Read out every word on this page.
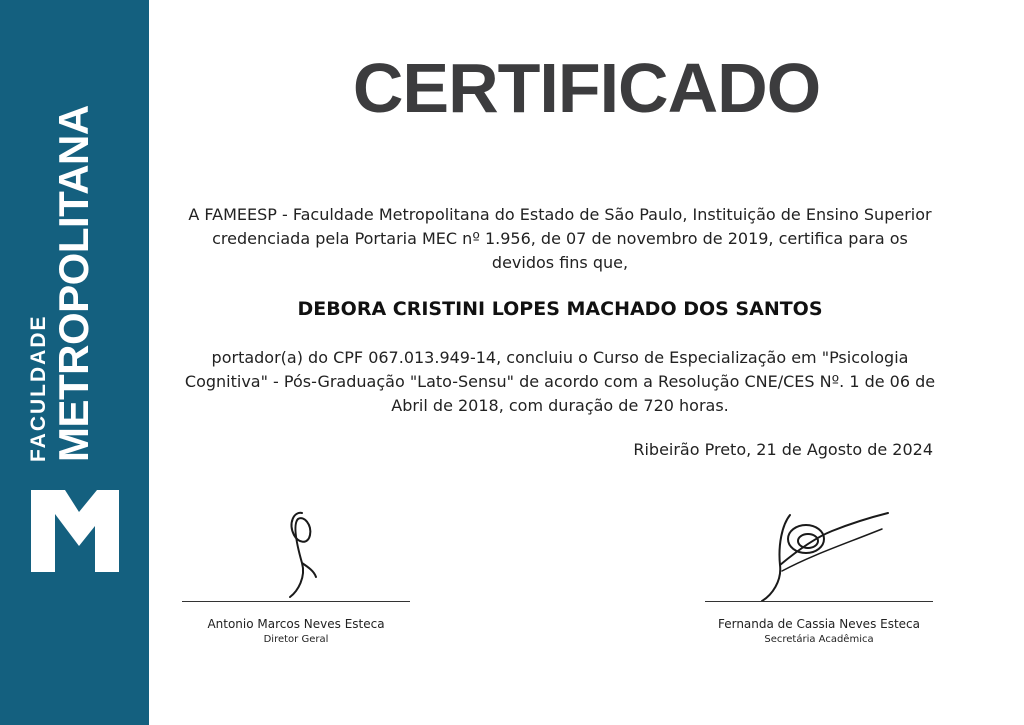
FACULDADE METROPOLITANA
CERTIFICADO
A FAMEESP - Faculdade Metropolitana do Estado de São Paulo, Instituição de Ensino Superior credenciada pela Portaria MEC nº 1.956, de 07 de novembro de 2019, certifica para os devidos fins que,
DEBORA CRISTINI LOPES MACHADO DOS SANTOS
portador(a) do CPF 067.013.949-14, concluiu o Curso de Especialização em "Psicologia Cognitiva" - Pós-Graduação "Lato-Sensu" de acordo com a Resolução CNE/CES Nº. 1 de 06 de Abril de 2018, com duração de 720 horas.
Ribeirão Preto, 21 de Agosto de 2024
Antonio Marcos Neves Esteca
Diretor Geral
Fernanda de Cassia Neves Esteca
Secretária Acadêmica
